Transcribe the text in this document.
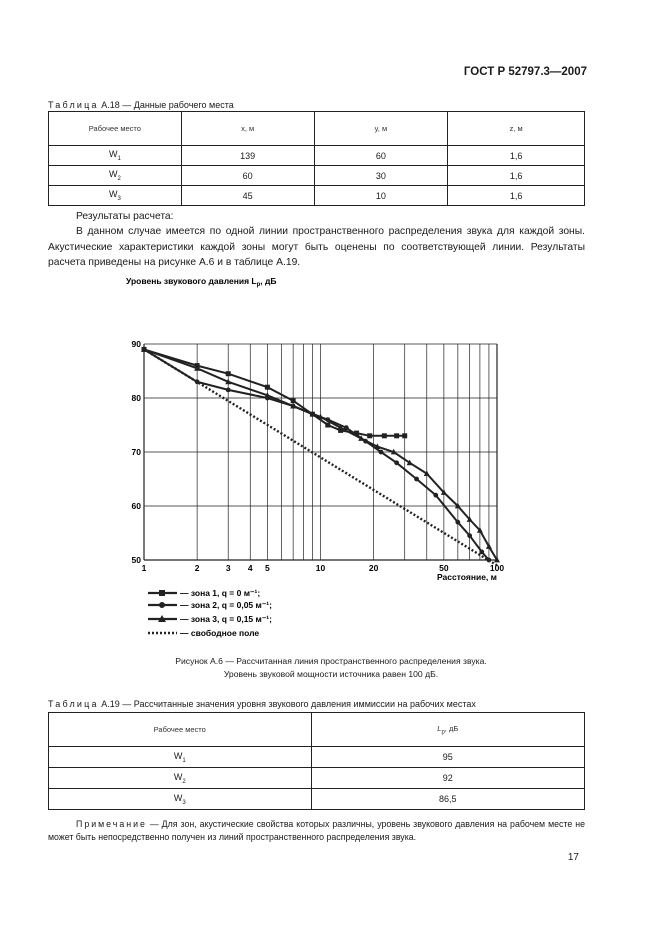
ГОСТ Р 52797.3—2007
Таблица А.18 — Данные рабочего места
Рабочее место	x, м	y, м	z, м
$W_1$	139	60	1,6
$W_2$	60	30	1,6
$W_3$	45	10	1,6

Результаты расчета:

В данном случае имеется по одной линии пространственного распределения звука для каждой зоны. Акустические характеристики каждой зоны могут быть оценены по соответствующей линии. Результаты расчета приведены на рисунке А.6 и в таблице А.19.

Уровень звукового давления $L_p$, дБ
Расстояние, м
1	2	3 4 5	10	20	50	100
90
80
70
60
50
— зона 1, q = 0 м⁻¹;
— зона 2, q = 0,05 м⁻¹;
— зона 3, q = 0,15 м⁻¹;
— свободное поле
Рисунок А.6 — Рассчитанная линия пространственного распределения звука.
Уровень звуковой мощности источника равен 100 дБ.
Таблица А.19 — Рассчитанные значения уровня звукового давления иммиссии на рабочих местах
Рабочее место	$L_p$, дБ
$W_1$	95
$W_2$	92
$W_3$	86,5
Примечание — Для зон, акустические свойства которых различны, уровень звукового давления на рабочем месте не может быть непосредственно получен из линий пространственного распределения звука.
17
